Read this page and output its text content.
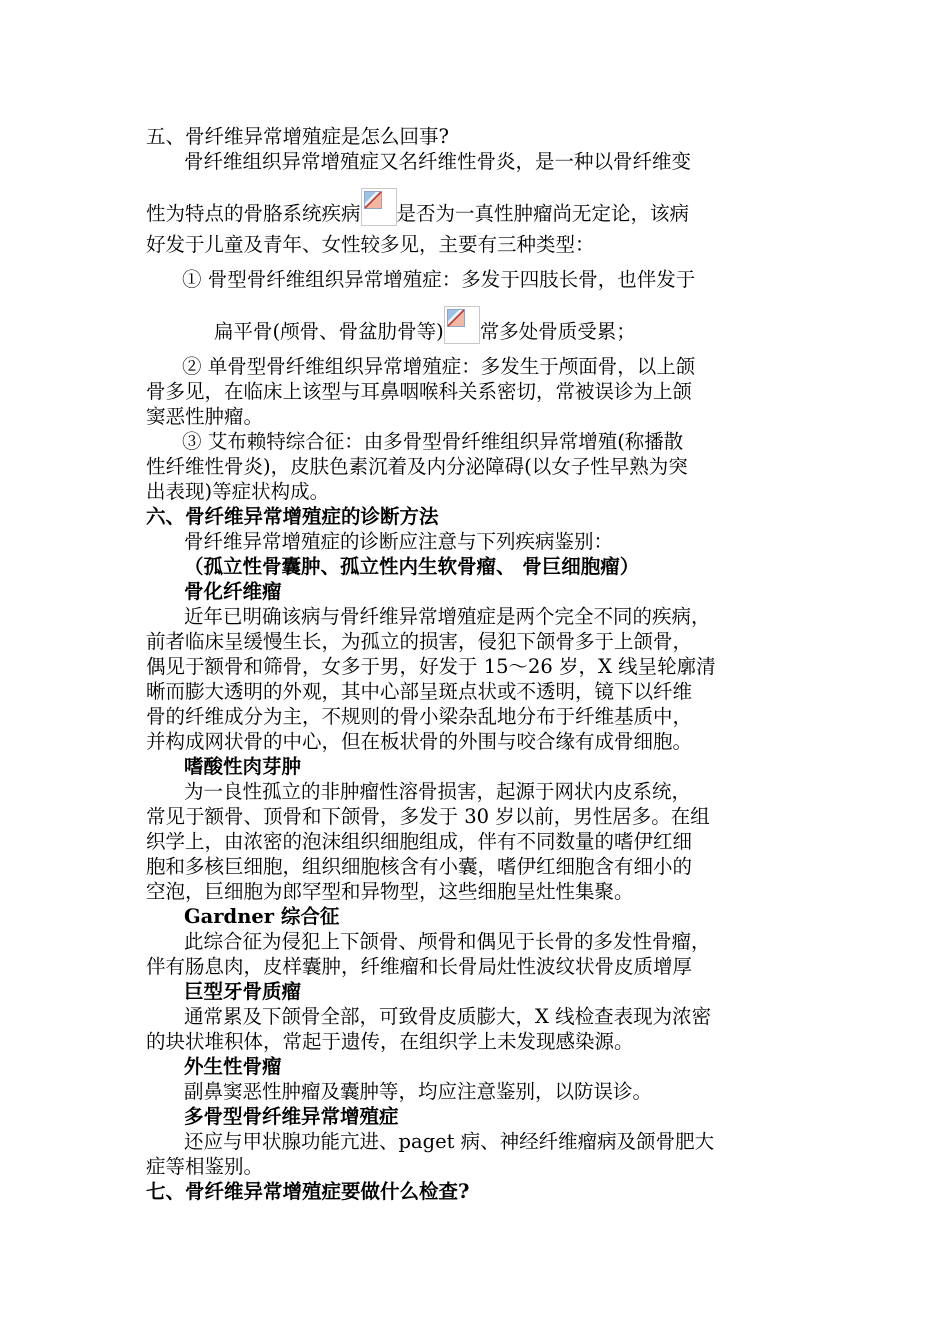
五、骨纤维异常增殖症是怎么回事?

骨纤维组织异常增殖症又名纤维性骨炎，是一种以骨纤维变

性为特点的骨胳系统疾病 是否为一真性肿瘤尚无定论，该病

好发于儿童及青年、女性较多见，主要有三种类型：

① 骨型骨纤维组织异常增殖症：多发于四肢长骨，也伴发于

扁平骨(颅骨、骨盆肋骨等) 常多处骨质受累；

② 单骨型骨纤维组织异常增殖症：多发生于颅面骨，以上颌

骨多见，在临床上该型与耳鼻咽喉科关系密切，常被误诊为上颌

窦恶性肿瘤。

③ 艾布赖特综合征：由多骨型骨纤维组织异常增殖(称播散

性纤维性骨炎)，皮肤色素沉着及内分泌障碍(以女子性早熟为突

出表现)等症状构成。

六、骨纤维异常增殖症的诊断方法

骨纤维异常增殖症的诊断应注意与下列疾病鉴别：

（孤立性骨囊肿、孤立性内生软骨瘤、 骨巨细胞瘤）

骨化纤维瘤

近年已明确该病与骨纤维异常增殖症是两个完全不同的疾病，

前者临床呈缓慢生长，为孤立的损害，侵犯下颌骨多于上颌骨，

偶见于额骨和筛骨，女多于男，好发于 15～26 岁，X 线呈轮廓清

晰而膨大透明的外观，其中心部呈斑点状或不透明，镜下以纤维

骨的纤维成分为主，不规则的骨小梁杂乱地分布于纤维基质中，

并构成网状骨的中心，但在板状骨的外围与咬合缘有成骨细胞。

嗜酸性肉芽肿

为一良性孤立的非肿瘤性溶骨损害，起源于网状内皮系统，

常见于额骨、顶骨和下颌骨，多发于 30 岁以前，男性居多。在组

织学上，由浓密的泡沫组织细胞组成，伴有不同数量的嗜伊红细

胞和多核巨细胞，组织细胞核含有小囊，嗜伊红细胞含有细小的

空泡，巨细胞为郎罕型和异物型，这些细胞呈灶性集聚。

Gardner 综合征

此综合征为侵犯上下颌骨、颅骨和偶见于长骨的多发性骨瘤，

伴有肠息肉，皮样囊肿，纤维瘤和长骨局灶性波纹状骨皮质增厚

巨型牙骨质瘤

通常累及下颌骨全部，可致骨皮质膨大，X 线检查表现为浓密

的块状堆积体，常起于遗传，在组织学上未发现感染源。

外生性骨瘤

副鼻窦恶性肿瘤及囊肿等，均应注意鉴别，以防误诊。

多骨型骨纤维异常增殖症

还应与甲状腺功能亢进、paget 病、神经纤维瘤病及颌骨肥大

症等相鉴别。

七、骨纤维异常增殖症要做什么检查?
